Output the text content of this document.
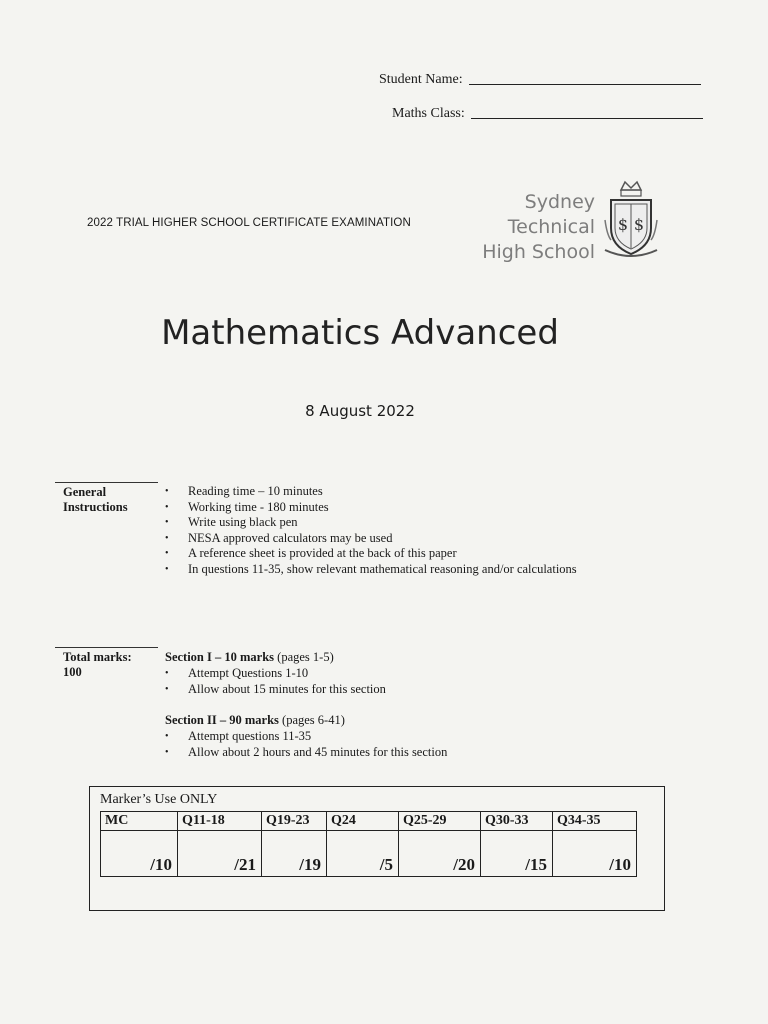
Student Name:
Maths Class:
2022 TRIAL HIGHER SCHOOL CERTIFICATE EXAMINATION
Sydney
Technical
High School
$ $
Mathematics Advanced
8 August 2022
General
Instructions
• Reading time – 10 minutes
• Working time - 180 minutes
• Write using black pen
• NESA approved calculators may be used
• A reference sheet is provided at the back of this paper
• In questions 11-35, show relevant mathematical reasoning and/or calculations
Total marks:
100
Section I – 10 marks (pages 1-5)
• Attempt Questions 1-10
• Allow about 15 minutes for this section
Section II – 90 marks (pages 6-41)
• Attempt questions 11-35
• Allow about 2 hours and 45 minutes for this section
Marker’s Use ONLY
MC	Q11-18	Q19-23	Q24	Q25-29	Q30-33	Q34-35
/10	/21	/19	/5	/20	/15	/10
